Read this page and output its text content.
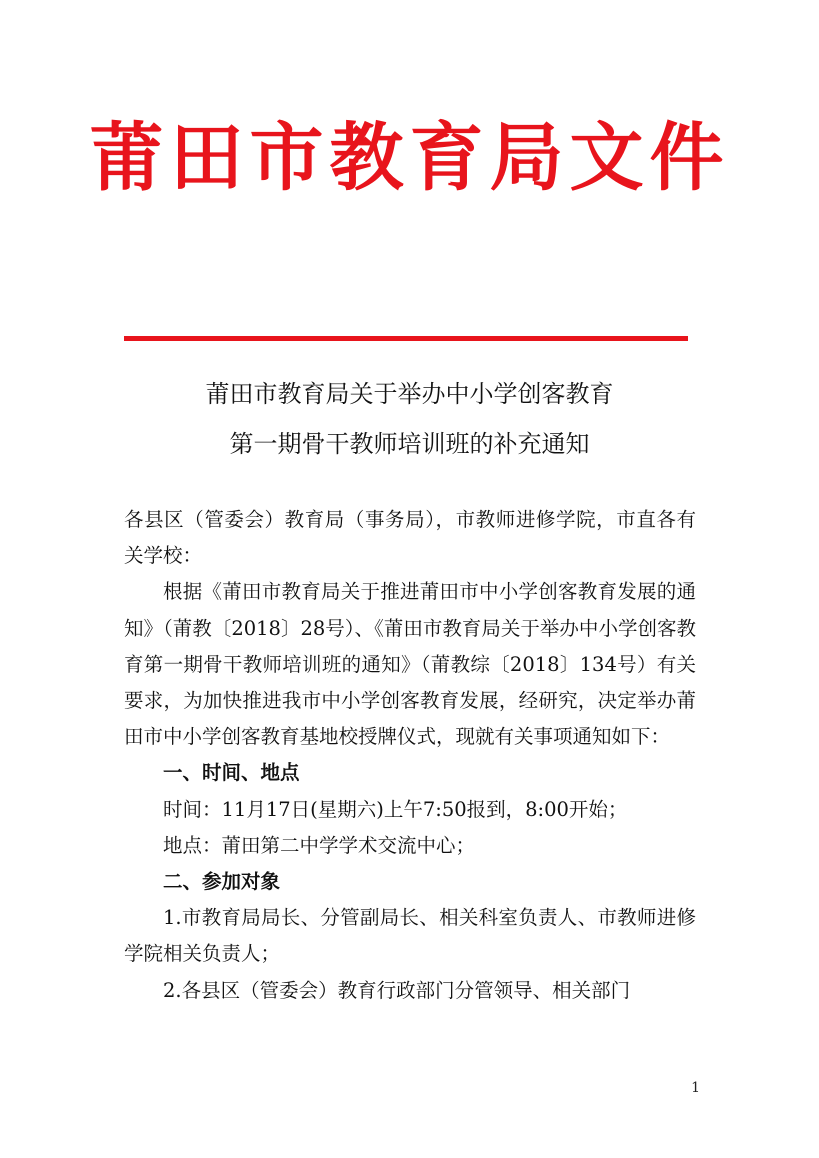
莆田市教育局文件
莆田市教育局关于举办中小学创客教育
第一期骨干教师培训班的补充通知

各县区（管委会）教育局（事务局），市教师进修学院，市直各有关学校：

根据《莆田市教育局关于推进莆田市中小学创客教育发展的通知》（莆教〔2018〕28号）、《莆田市教育局关于举办中小学创客教育第一期骨干教师培训班的通知》（莆教综〔2018〕134号）有关要求，为加快推进我市中小学创客教育发展，经研究，决定举办莆田市中小学创客教育基地校授牌仪式，现就有关事项通知如下：

一、时间、地点

时间：11月17日(星期六)上午7:50报到，8:00开始；

地点：莆田第二中学学术交流中心；

二、参加对象

1.市教育局局长、分管副局长、相关科室负责人、市教师进修学院相关负责人；

2.各县区（管委会）教育行政部门分管领导、相关部门

1
